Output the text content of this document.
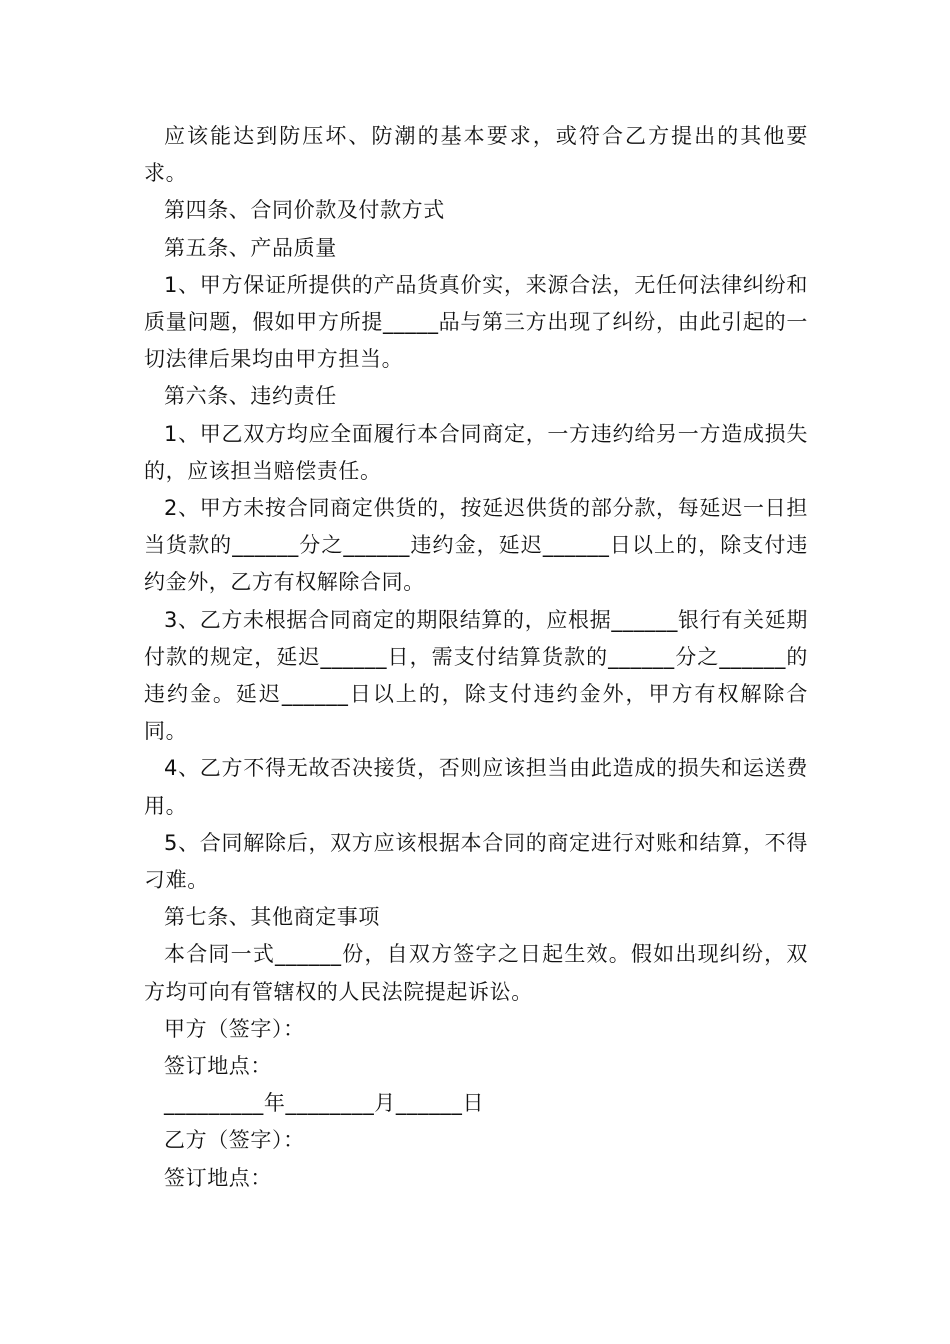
应该能达到防压坏、防潮的基本要求，或符合乙方提出的其他要求。

第四条、合同价款及付款方式

第五条、产品质量

1、甲方保证所提供的产品货真价实，来源合法，无任何法律纠纷和质量问题，假如甲方所提_____品与第三方出现了纠纷，由此引起的一切法律后果均由甲方担当。

第六条、违约责任

1、甲乙双方均应全面履行本合同商定，一方违约给另一方造成损失的，应该担当赔偿责任。

2、甲方未按合同商定供货的，按延迟供货的部分款，每延迟一日担当货款的______分之______违约金，延迟______日以上的，除支付违约金外，乙方有权解除合同。

3、乙方未根据合同商定的期限结算的，应根据______银行有关延期付款的规定，延迟______日，需支付结算货款的______分之______的违约金。延迟______日以上的，除支付违约金外，甲方有权解除合同。

4、乙方不得无故否决接货，否则应该担当由此造成的损失和运送费用。

5、合同解除后，双方应该根据本合同的商定进行对账和结算，不得刁难。

第七条、其他商定事项

本合同一式______份，自双方签字之日起生效。假如出现纠纷，双方均可向有管辖权的人民法院提起诉讼。

甲方（签字）：

签订地点：

_________年________月______日

乙方（签字）：

签订地点：
